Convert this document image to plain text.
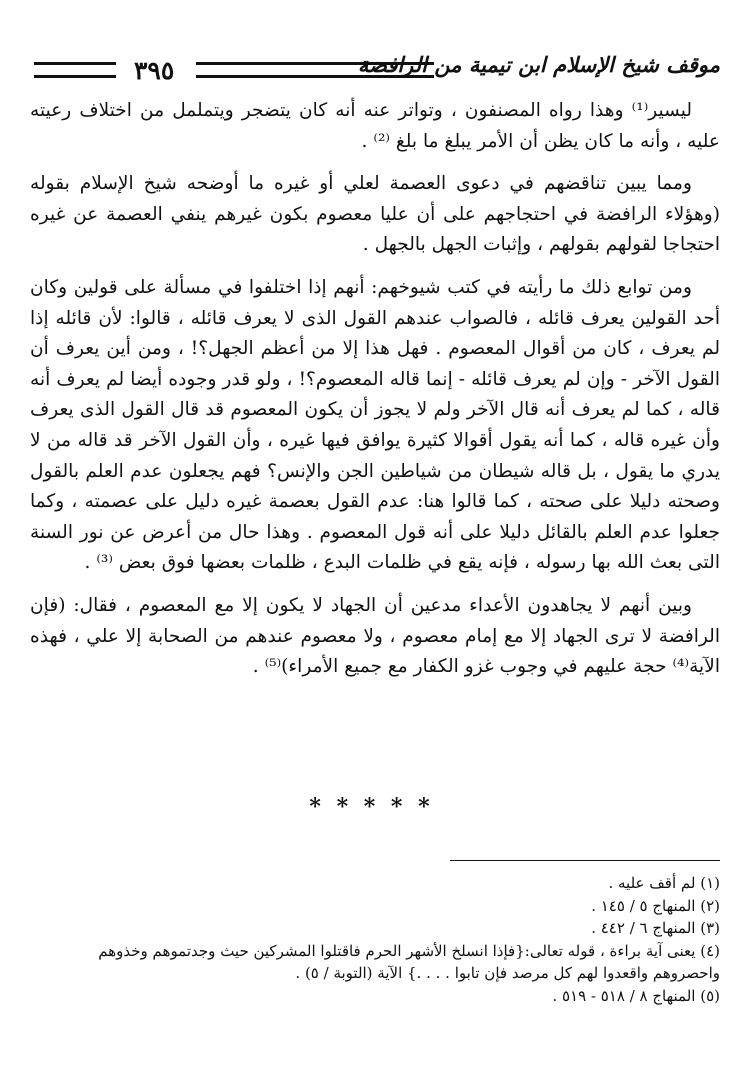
٣٩٥	موقف شيخ الإسلام ابن تيمية من الرافضة

ليسير⁽¹⁾ وهذا رواه المصنفون ، وتواتر عنه أنه كان يتضجر ويتململ من اختلاف رعيته عليه ، وأنه ما كان يظن أن الأمر يبلغ ما بلغ ⁽²⁾ .

ومما يبين تناقضهم في دعوى العصمة لعلي أو غيره ما أوضحه شيخ الإسلام بقوله (وهؤلاء الرافضة في احتجاجهم على أن عليا معصوم بكون غيرهم ينفي العصمة عن غيره احتجاجا لقولهم بقولهم ، وإثبات الجهل بالجهل .

ومن توابع ذلك ما رأيته في كتب شيوخهم: أنهم إذا اختلفوا في مسألة على قولين وكان أحد القولين يعرف قائله ، فالصواب عندهم القول الذى لا يعرف قائله ، قالوا: لأن قائله إذا لم يعرف ، كان من أقوال المعصوم . فهل هذا إلا من أعظم الجهل؟! ، ومن أين يعرف أن القول الآخر - وإن لم يعرف قائله - إنما قاله المعصوم؟! ، ولو قدر وجوده أيضا لم يعرف أنه قاله ، كما لم يعرف أنه قال الآخر ولم لا يجوز أن يكون المعصوم قد قال القول الذى يعرف وأن غيره قاله ، كما أنه يقول أقوالا كثيرة يوافق فيها غيره ، وأن القول الآخر قد قاله من لا يدري ما يقول ، بل قاله شيطان من شياطين الجن والإنس؟ فهم يجعلون عدم العلم بالقول وصحته دليلا على صحته ، كما قالوا هنا: عدم القول بعصمة غيره دليل على عصمته ، وكما جعلوا عدم العلم بالقائل دليلا على أنه قول المعصوم . وهذا حال من أعرض عن نور السنة التى بعث الله بها رسوله ، فإنه يقع في ظلمات البدع ، ظلمات بعضها فوق بعض ⁽³⁾ .

وبين أنهم لا يجاهدون الأعداء مدعين أن الجهاد لا يكون إلا مع المعصوم ، فقال: (فإن الرافضة لا ترى الجهاد إلا مع إمام معصوم ، ولا معصوم عندهم من الصحابة إلا علي ، فهذه الآية⁽⁴⁾ حجة عليهم في وجوب غزو الكفار مع جميع الأمراء)⁽⁵⁾ .

* * * * *
(١) لم أقف عليه .
(٢) المنهاج ٥ / ١٤٥ .
(٣) المنهاج ٦ / ٤٤٢ .
(٤) يعنى آية براءة ، قوله تعالى:{فإذا انسلخ الأشهر الحرم فاقتلوا المشركين حيث وجدتموهم وخذوهم واحصروهم واقعدوا لهم كل مرصد فإن تابوا . . . .} الآية (التوبة / ٥) .
(٥) المنهاج ٨ / ٥١٨ - ٥١٩ .
